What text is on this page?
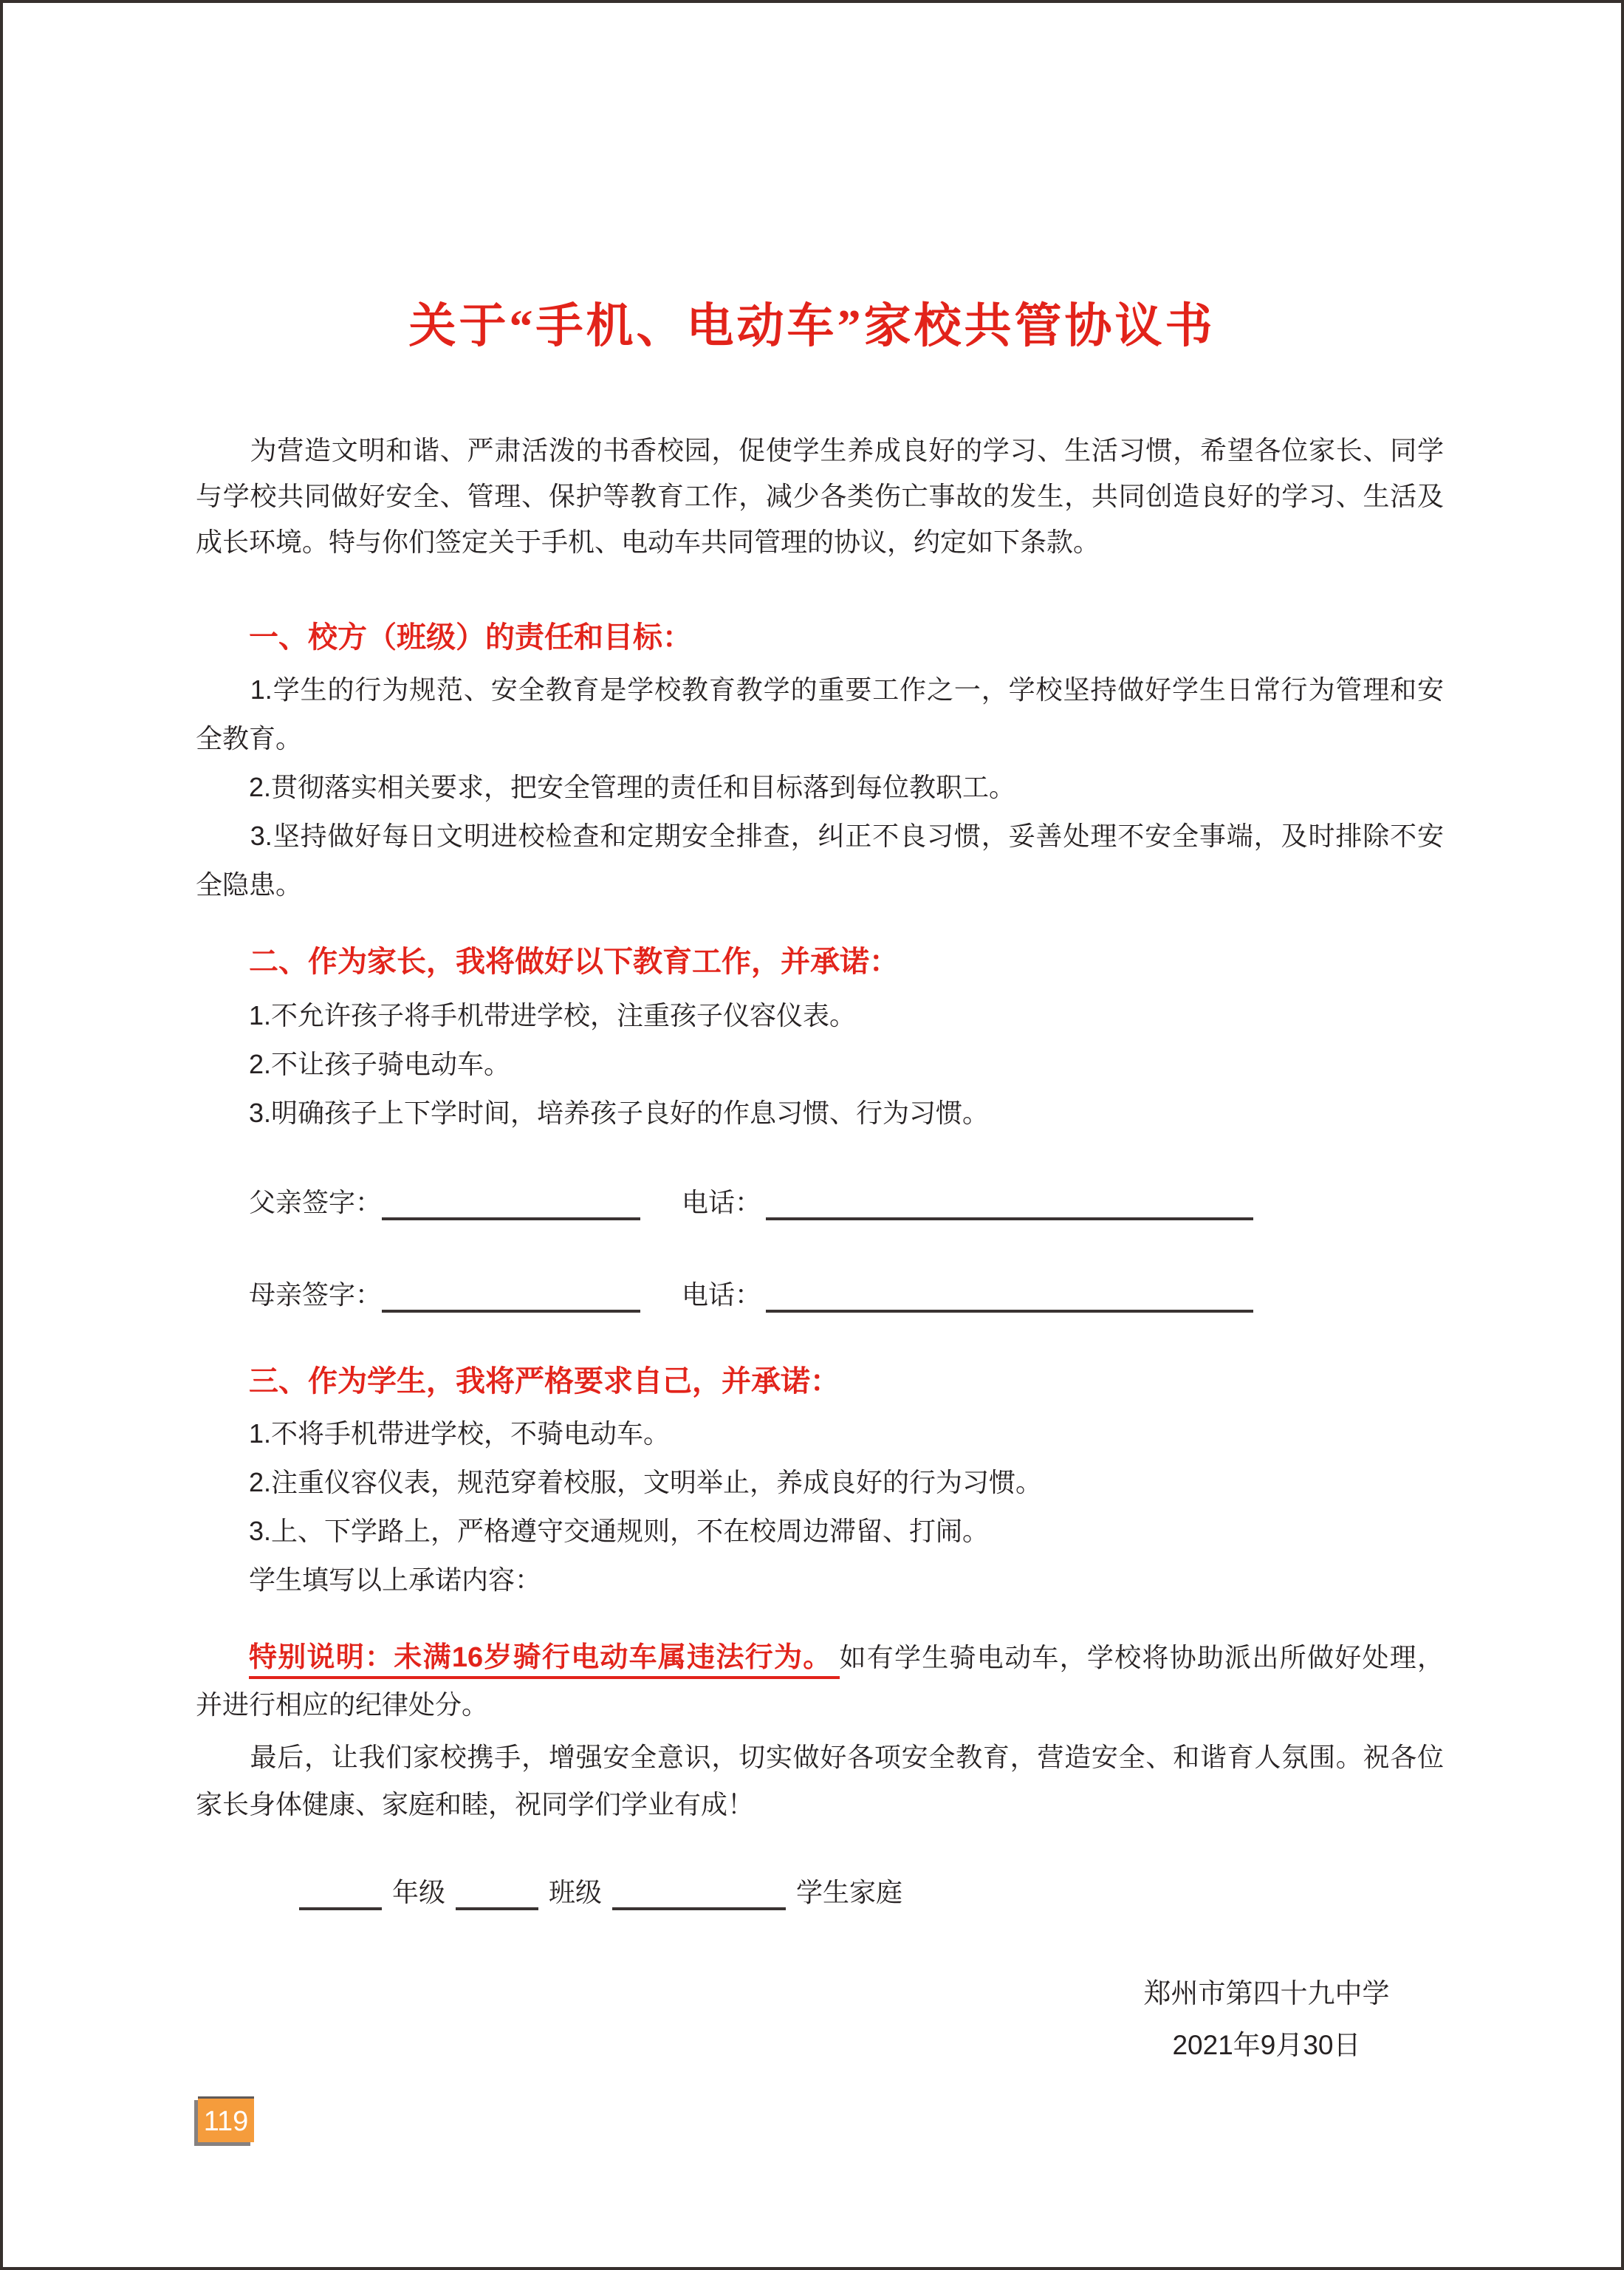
关于“手机、电动车”家校共管协议书
　　为营造文明和谐、严肃活泼的书香校园，促使学生养成良好的学习、生活习惯，希望各位家长、同学
与学校共同做好安全、管理、保护等教育工作，减少各类伤亡事故的发生，共同创造良好的学习、生活及
成长环境。特与你们签定关于手机、电动车共同管理的协议，约定如下条款。
一、校方（班级）的责任和目标：
　　1.学生的行为规范、安全教育是学校教育教学的重要工作之一，学校坚持做好学生日常行为管理和安
全教育。
　　2.贯彻落实相关要求，把安全管理的责任和目标落到每位教职工。
　　3.坚持做好每日文明进校检查和定期安全排查，纠正不良习惯，妥善处理不安全事端，及时排除不安
全隐患。
二、作为家长，我将做好以下教育工作，并承诺：
　　1.不允许孩子将手机带进学校，注重孩子仪容仪表。
　　2.不让孩子骑电动车。
　　3.明确孩子上下学时间，培养孩子良好的作息习惯、行为习惯。
父亲签字：	电话：
母亲签字：	电话：
三、作为学生，我将严格要求自己，并承诺：
　　1.不将手机带进学校，不骑电动车。
　　2.注重仪容仪表，规范穿着校服，文明举止，养成良好的行为习惯。
　　3.上、下学路上，严格遵守交通规则，不在校周边滞留、打闹。
　　学生填写以上承诺内容：
特别说明：未满16岁骑行电动车属违法行为。 如有学生骑电动车，学校将协助派出所做好处理，
并进行相应的纪律处分。
　　最后，让我们家校携手，增强安全意识，切实做好各项安全教育，营造安全、和谐育人氛围。祝各位
家长身体健康、家庭和睦，祝同学们学业有成！
年级	班级	学生家庭
郑州市第四十九中学
2021年9月30日
119
